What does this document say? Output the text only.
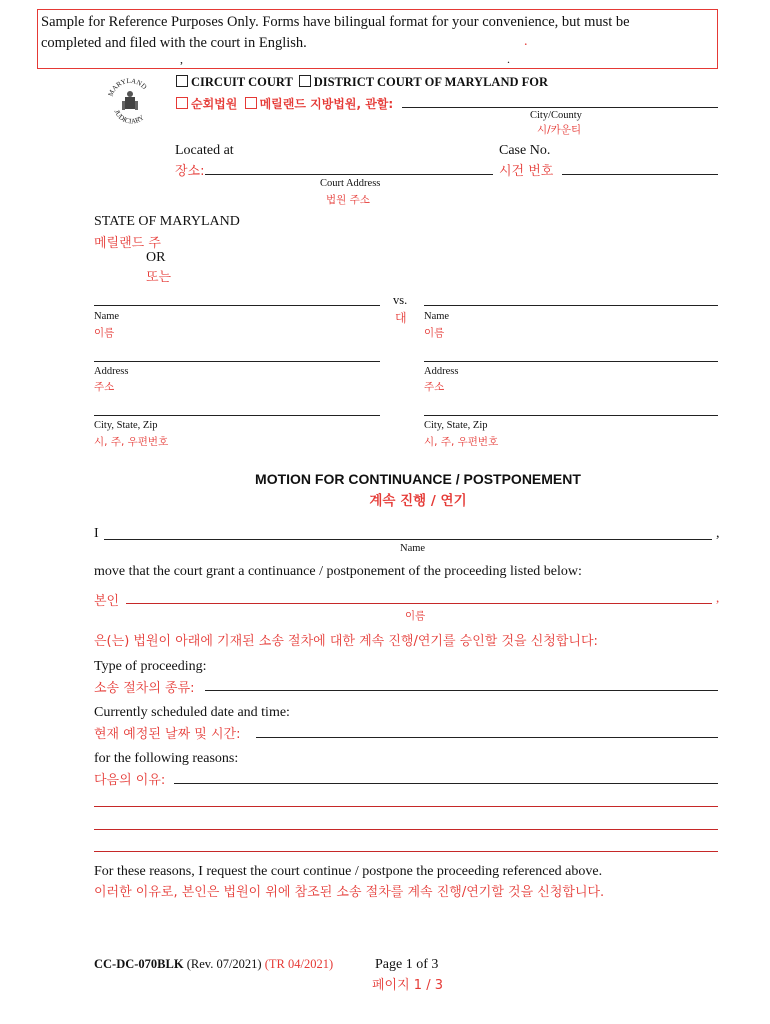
Sample for Reference Purposes Only. Forms have bilingual format for your convenience, but must be
completed and filed with the court in English.	.
,	.
MARYLAND
JUDICIARY
CIRCUIT COURT DISTRICT COURT OF MARYLAND FOR
순회법원 메릴랜드 지방법원, 관할:
City/County
시/카운티
Located at
장소:
Court Address
법원 주소
Case No.
시건 번호
STATE OF MARYLAND
메릴랜드 주
OR
또는
Name
이름
Address
주소
City, State, Zip
시, 주, 우편번호
vs.
대 Name
이름
Address
주소
City, State, Zip
시, 주, 우편번호
MOTION FOR CONTINUANCE / POSTPONEMENT
계속 진행 / 연기
I	,
Name
move that the court grant a continuance / postponement of the proceeding listed below:
본인	,
이름
은(는) 법원이 아래에 기재된 소송 절차에 대한 계속 진행/연기를 승인할 것을 신청합니다:
Type of proceeding:
소송 절차의 종류:
Currently scheduled date and time:
현재 예정된 날짜 및 시간:
for the following reasons:
다음의 이유:
For these reasons, I request the court continue / postpone the proceeding referenced above.
이러한 이유로, 본인은 법원이 위에 참조된 소송 절차를 계속 진행/연기할 것을 신청합니다.
CC-DC-070BLK (Rev. 07/2021) (TR 04/2021)	Page 1 of 3
페이지 1 / 3
